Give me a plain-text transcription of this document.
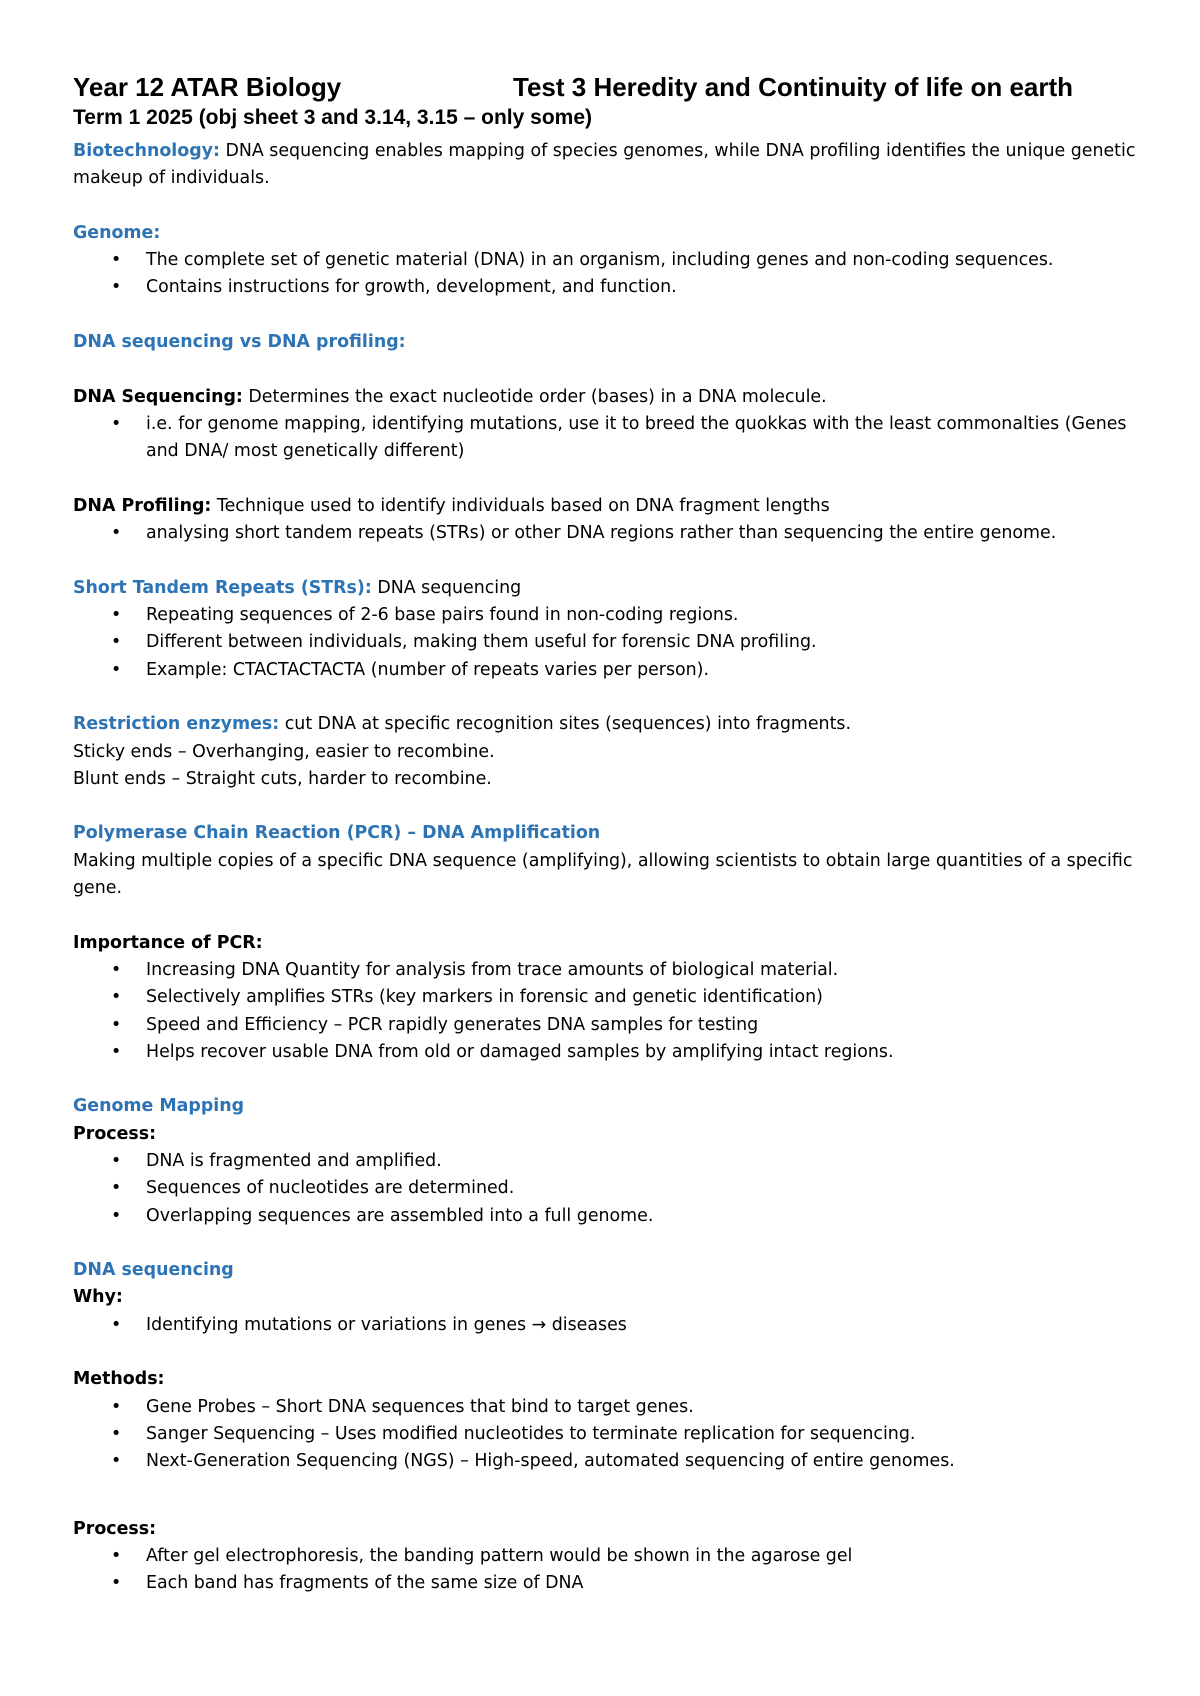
Year 12 ATAR Biology	Test 3 Heredity and Continuity of life on earth
Term 1 2025 (obj sheet 3 and 3.14, 3.15 – only some)

Biotechnology: DNA sequencing enables mapping of species genomes, while DNA profiling identifies the unique genetic makeup of individuals.

Genome:

• The complete set of genetic material (DNA) in an organism, including genes and non-coding sequences.
• Contains instructions for growth, development, and function.

DNA sequencing vs DNA profiling:

DNA Sequencing: Determines the exact nucleotide order (bases) in a DNA molecule.

• i.e. for genome mapping, identifying mutations, use it to breed the quokkas with the least commonalties (Genes and DNA/ most genetically different)

DNA Profiling: Technique used to identify individuals based on DNA fragment lengths

• analysing short tandem repeats (STRs) or other DNA regions rather than sequencing the entire genome.

Short Tandem Repeats (STRs): DNA sequencing

• Repeating sequences of 2-6 base pairs found in non-coding regions.
• Different between individuals, making them useful for forensic DNA profiling.
• Example: CTACTACTACTA (number of repeats varies per person).

Restriction enzymes: cut DNA at specific recognition sites (sequences) into fragments.

Sticky ends – Overhanging, easier to recombine.

Blunt ends – Straight cuts, harder to recombine.

Polymerase Chain Reaction (PCR) – DNA Amplification

Making multiple copies of a specific DNA sequence (amplifying), allowing scientists to obtain large quantities of a specific gene.

Importance of PCR:

• Increasing DNA Quantity for analysis from trace amounts of biological material.
• Selectively amplifies STRs (key markers in forensic and genetic identification)
• Speed and Efficiency – PCR rapidly generates DNA samples for testing
• Helps recover usable DNA from old or damaged samples by amplifying intact regions.

Genome Mapping

Process:

• DNA is fragmented and amplified.
• Sequences of nucleotides are determined.
• Overlapping sequences are assembled into a full genome.

DNA sequencing

Why:

• Identifying mutations or variations in genes → diseases

Methods:

• Gene Probes – Short DNA sequences that bind to target genes.
• Sanger Sequencing – Uses modified nucleotides to terminate replication for sequencing.
• Next-Generation Sequencing (NGS) – High-speed, automated sequencing of entire genomes.

Process:

• After gel electrophoresis, the banding pattern would be shown in the agarose gel
• Each band has fragments of the same size of DNA
